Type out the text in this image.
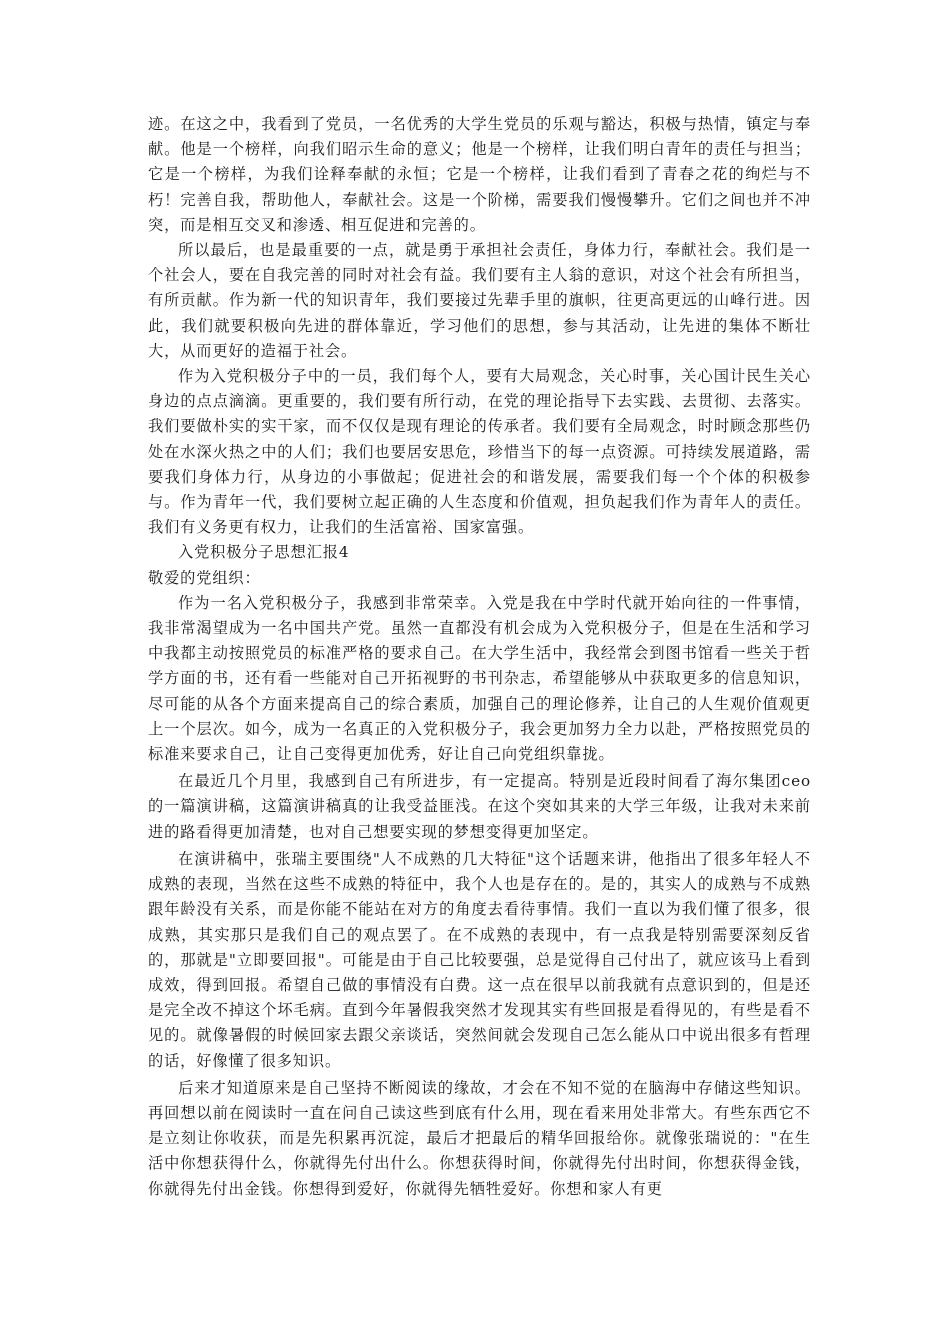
迹。在这之中，我看到了党员，一名优秀的大学生党员的乐观与豁达，积极与热情，镇定与奉献。他是一个榜样，向我们昭示生命的意义；他是一个榜样，让我们明白青年的责任与担当；它是一个榜样，为我们诠释奉献的永恒；它是一个榜样，让我们看到了青春之花的绚烂与不朽！完善自我，帮助他人，奉献社会。这是一个阶梯，需要我们慢慢攀升。它们之间也并不冲突，而是相互交叉和渗透、相互促进和完善的。

所以最后，也是最重要的一点，就是勇于承担社会责任，身体力行，奉献社会。我们是一个社会人，要在自我完善的同时对社会有益。我们要有主人翁的意识，对这个社会有所担当，有所贡献。作为新一代的知识青年，我们要接过先辈手里的旗帜，往更高更远的山峰行进。因此，我们就要积极向先进的群体靠近，学习他们的思想，参与其活动，让先进的集体不断壮大，从而更好的造福于社会。

作为入党积极分子中的一员，我们每个人，要有大局观念，关心时事，关心国计民生关心身边的点点滴滴。更重要的，我们要有所行动，在党的理论指导下去实践、去贯彻、去落实。我们要做朴实的实干家，而不仅仅是现有理论的传承者。我们要有全局观念，时时顾念那些仍处在水深火热之中的人们；我们也要居安思危，珍惜当下的每一点资源。可持续发展道路，需要我们身体力行，从身边的小事做起；促进社会的和谐发展，需要我们每一个个体的积极参与。作为青年一代，我们要树立起正确的人生态度和价值观，担负起我们作为青年人的责任。我们有义务更有权力，让我们的生活富裕、国家富强。

入党积极分子思想汇报4

敬爱的党组织：

作为一名入党积极分子，我感到非常荣幸。入党是我在中学时代就开始向往的一件事情，我非常渴望成为一名中国共产党。虽然一直都没有机会成为入党积极分子，但是在生活和学习中我都主动按照党员的标准严格的要求自己。在大学生活中，我经常会到图书馆看一些关于哲学方面的书，还有看一些能对自己开拓视野的书刊杂志，希望能够从中获取更多的信息知识，尽可能的从各个方面来提高自己的综合素质，加强自己的理论修养，让自己的人生观价值观更上一个层次。如今，成为一名真正的入党积极分子，我会更加努力全力以赴，严格按照党员的标准来要求自己，让自己变得更加优秀，好让自己向党组织靠拢。

在最近几个月里，我感到自己有所进步，有一定提高。特别是近段时间看了海尔集团ceo的一篇演讲稿，这篇演讲稿真的让我受益匪浅。在这个突如其来的大学三年级，让我对未来前进的路看得更加清楚，也对自己想要实现的梦想变得更加坚定。

在演讲稿中，张瑞主要围绕"人不成熟的几大特征"这个话题来讲，他指出了很多年轻人不成熟的表现，当然在这些不成熟的特征中，我个人也是存在的。是的，其实人的成熟与不成熟跟年龄没有关系，而是你能不能站在对方的角度去看待事情。我们一直以为我们懂了很多，很成熟，其实那只是我们自己的观点罢了。在不成熟的表现中，有一点我是特别需要深刻反省的，那就是"立即要回报"。可能是由于自己比较要强，总是觉得自己付出了，就应该马上看到成效，得到回报。希望自己做的事情没有白费。这一点在很早以前我就有点意识到的，但是还是完全改不掉这个坏毛病。直到今年暑假我突然才发现其实有些回报是看得见的，有些是看不见的。就像暑假的时候回家去跟父亲谈话，突然间就会发现自己怎么能从口中说出很多有哲理的话，好像懂了很多知识。

后来才知道原来是自己坚持不断阅读的缘故，才会在不知不觉的在脑海中存储这些知识。再回想以前在阅读时一直在问自己读这些到底有什么用，现在看来用处非常大。有些东西它不是立刻让你收获，而是先积累再沉淀，最后才把最后的精华回报给你。就像张瑞说的："在生活中你想获得什么，你就得先付出什么。你想获得时间，你就得先付出时间，你想获得金钱，你就得先付出金钱。你想得到爱好，你就得先牺牲爱好。你想和家人有更
